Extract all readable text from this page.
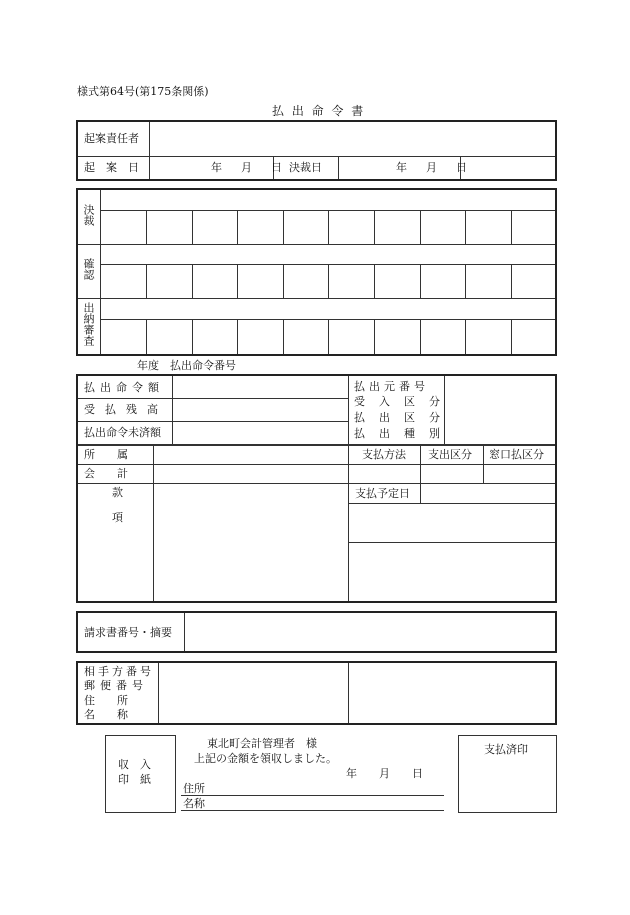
様式第64号(第175条関係)
払 出 命 令 書
起案責任者
起　案　日	年　月　日 決裁日	年　月　日
決裁
確認
出納審査
年度　払出命令番号
払出命令額
受払残高
払出命令未済額
払出元番号
受入区分
払出区分
払出種別
所　　属
会　　計
款
項
支払方法 支出区分 窓口払区分
支払予定日
請求書番号・摘要
相手方番号
郵便番号
住　　所
名　　称
収　入
印　紙
東北町会計管理者　様
上記の金額を領収しました。
年　　月　　日
住所
名称
支払済印
